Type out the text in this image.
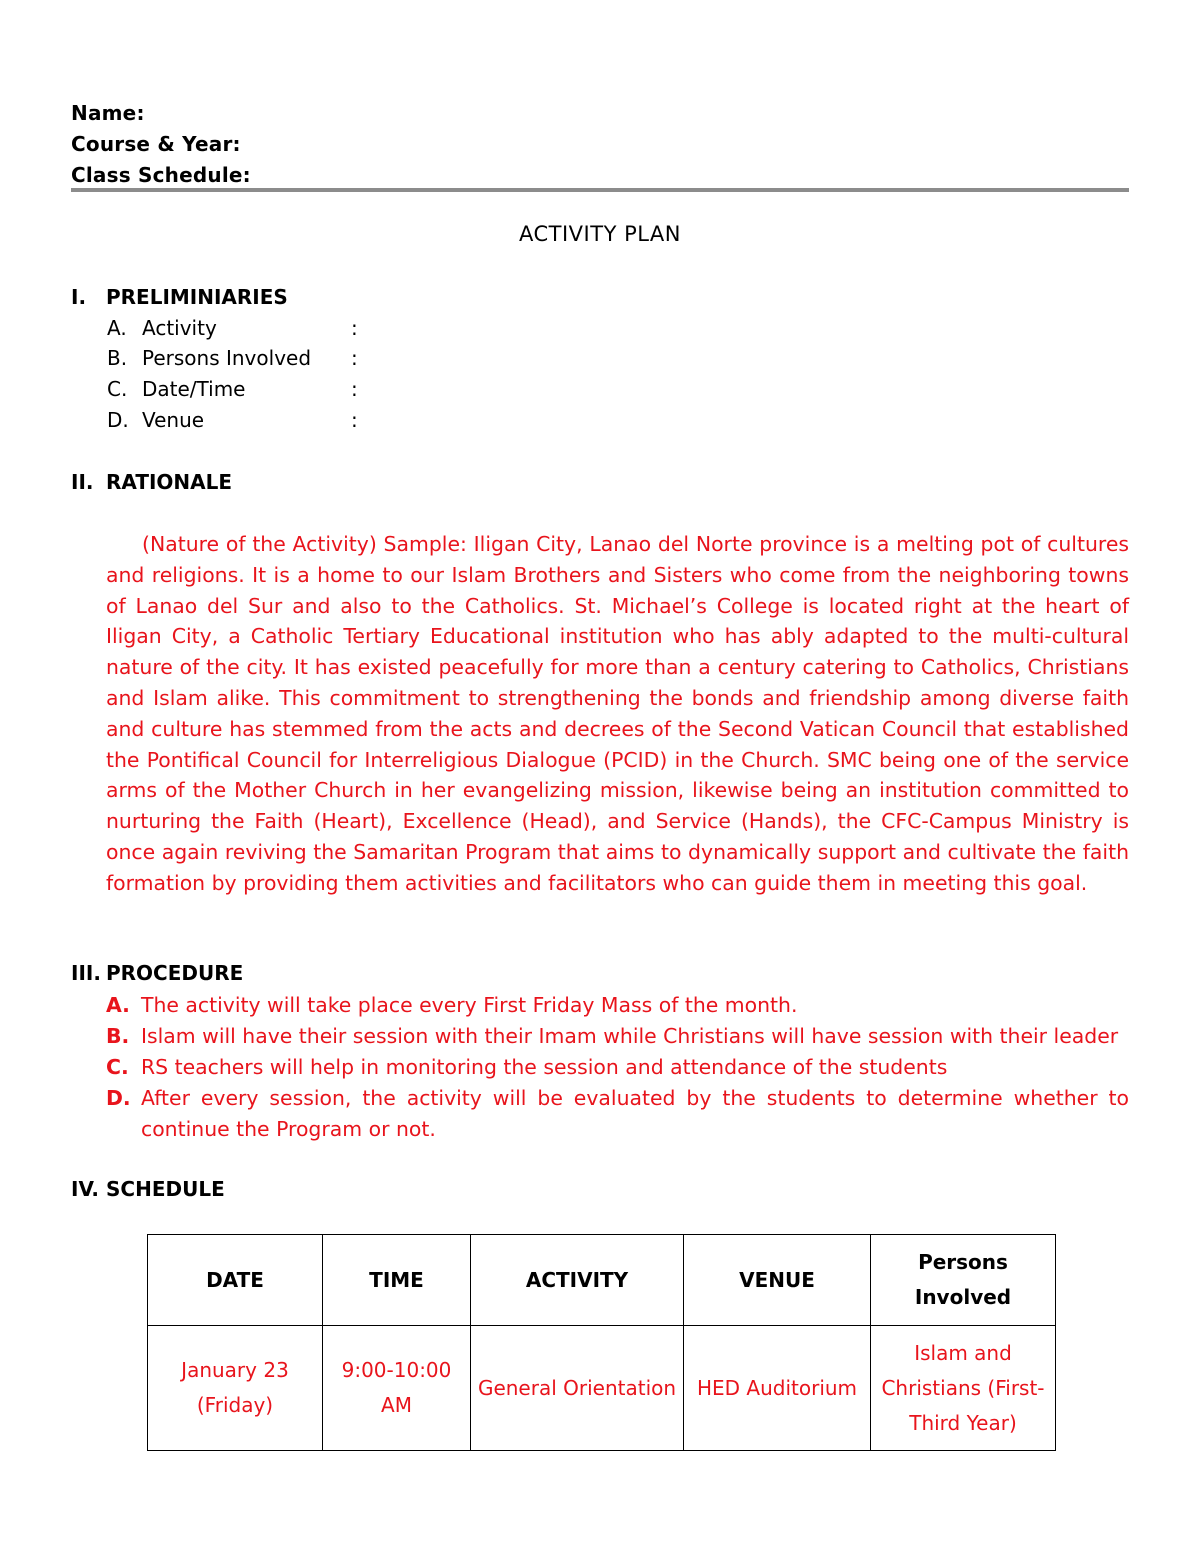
Name:
Course & Year:
Class Schedule:
ACTIVITY PLAN
I. PRELIMINIARIES
A. Activity	:
B. Persons Involved :
C. Date/Time	:
D. Venue	:
II. RATIONALE
(Nature of the Activity) Sample: Iligan City, Lanao del Norte province is a melting pot of cultures and religions. It is a home to our Islam Brothers and Sisters who come from the neighboring towns of Lanao del Sur and also to the Catholics. St. Michael’s College is located right at the heart of Iligan City, a Catholic Tertiary Educational institution who has ably adapted to the multi-cultural nature of the city. It has existed peacefully for more than a century catering to Catholics, Christians and Islam alike. This commitment to strengthening the bonds and friendship among diverse faith and culture has stemmed from the acts and decrees of the Second Vatican Council that established the Pontifical Council for Interreligious Dialogue (PCID) in the Church. SMC being one of the service arms of the Mother Church in her evangelizing mission, likewise being an institution committed to nurturing the Faith (Heart), Excellence (Head), and Service (Hands), the CFC-Campus Ministry is once again reviving the Samaritan Program that aims to dynamically support and cultivate the faith formation by providing them activities and facilitators who can guide them in meeting this goal.
III. PROCEDURE
A. The activity will take place every First Friday Mass of the month.
B. Islam will have their session with their Imam while Christians will have session with their leader
C. RS teachers will help in monitoring the session and attendance of the students
D. After every session, the activity will be evaluated by the students to determine whether to continue the Program or not.
IV. SCHEDULE
DATE	TIME	ACTIVITY	VENUE	Persons Involved
January 23 (Friday)	9:00-10:00 AM	General Orientation	HED Auditorium	Islam and Christians (First-Third Year)
